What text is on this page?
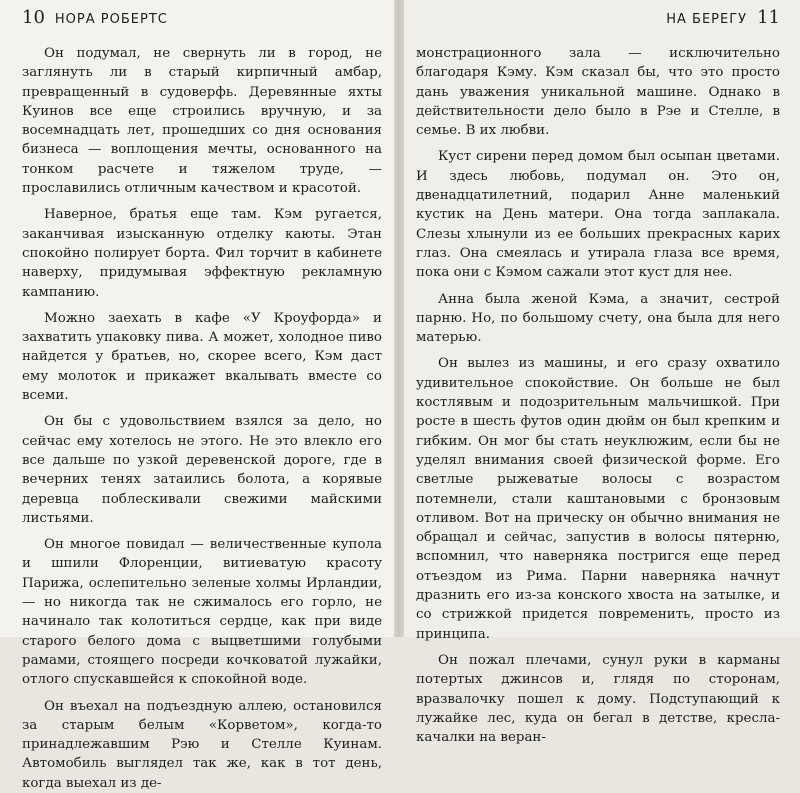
10 НОРА РОБЕРТС

Он подумал, не свернуть ли в город, не заглянуть ли в старый кирпичный амбар, превращенный в судоверфь. Деревянные яхты Куинов все еще строились вручную, и за восемнадцать лет, прошедших со дня основания бизнеса — воплощения мечты, основанного на тонком расчете и тяжелом труде, — прославились отличным качеством и красотой.

Наверное, братья еще там. Кэм ругается, заканчивая изысканную отделку каюты. Этан спокойно полирует борта. Фил торчит в кабинете наверху, придумывая эффектную рекламную кампанию.

Можно заехать в кафе «У Кроуфорда» и захватить упаковку пива. А может, холодное пиво найдется у братьев, но, скорее всего, Кэм даст ему молоток и прикажет вкалывать вместе со всеми.

Он бы с удовольствием взялся за дело, но сейчас ему хотелось не этого. Не это влекло его все дальше по узкой деревенской дороге, где в вечерних тенях затаились болота, а корявые деревца поблескивали свежими майскими листьями.

Он многое повидал — величественные купола и шпили Флоренции, витиеватую красоту Парижа, ослепительно зеленые холмы Ирландии, — но никогда так не сжималось его горло, не начинало так колотиться сердце, как при виде старого белого дома с выцветшими голубыми рамами, стоящего посреди кочковатой лужайки, отлого спускавшейся к спокойной воде.

Он въехал на подъездную аллею, остановился за старым белым «Корветом», когда-то принадлежавшим Рэю и Стелле Куинам. Автомобиль выглядел так же, как в тот день, когда выехал из де-

НА БЕРЕГУ 11

монстрационного зала — исключительно благодаря Кэму. Кэм сказал бы, что это просто дань уважения уникальной машине. Однако в действительности дело было в Рэе и Стелле, в семье. В их любви.

Куст сирени перед домом был осыпан цветами. И здесь любовь, подумал он. Это он, двенадцатилетний, подарил Анне маленький кустик на День матери. Она тогда заплакала. Слезы хлынули из ее больших прекрасных карих глаз. Она смеялась и утирала глаза все время, пока они с Кэмом сажали этот куст для нее.

Анна была женой Кэма, а значит, сестрой парню. Но, по большому счету, она была для него матерью.

Он вылез из машины, и его сразу охватило удивительное спокойствие. Он больше не был костлявым и подозрительным мальчишкой. При росте в шесть футов один дюйм он был крепким и гибким. Он мог бы стать неуклюжим, если бы не уделял внимания своей физической форме. Его светлые рыжеватые волосы с возрастом потемнели, стали каштановыми с бронзовым отливом. Вот на прическу он обычно внимания не обращал и сейчас, запустив в волосы пятерню, вспомнил, что наверняка постригся еще перед отъездом из Рима. Парни наверняка начнут дразнить его из-за конского хвоста на затылке, и со стрижкой придется повременить, просто из принципа.

Он пожал плечами, сунул руки в карманы потертых джинсов и, глядя по сторонам, вразвалочку пошел к дому. Подступающий к лужайке лес, куда он бегал в детстве, кресла-качалки на веран-
